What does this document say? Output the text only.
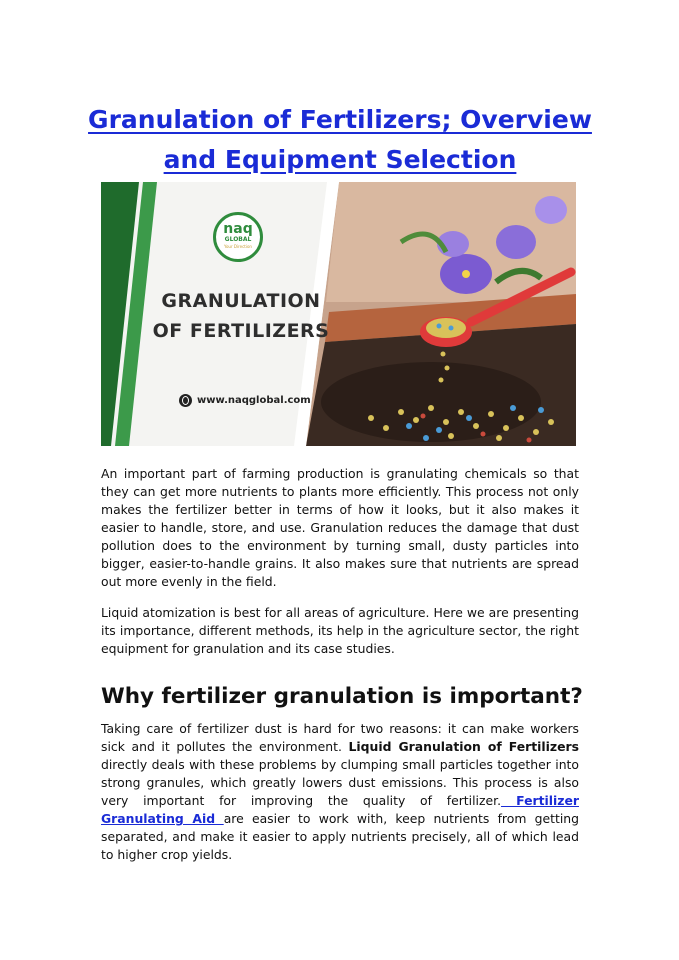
Granulation of Fertilizers; Overview
and Equipment Selection
naq
GLOBAL
Your Direction
GRANULATION
OF FERTILIZERS
www.naqglobal.com

An important part of farming production is granulating chemicals so that they can get more nutrients to plants more efficiently. This process not only makes the fertilizer better in terms of how it looks, but it also makes it easier to handle, store, and use. Granulation reduces the damage that dust pollution does to the environment by turning small, dusty particles into bigger, easier-to-handle grains. It also makes sure that nutrients are spread out more evenly in the field.

Liquid atomization is best for all areas of agriculture. Here we are presenting its importance, different methods, its help in the agriculture sector, the right equipment for granulation and its case studies.

Why fertilizer granulation is important?

Taking care of fertilizer dust is hard for two reasons: it can make workers sick and it pollutes the environment. Liquid Granulation of Fertilizers directly deals with these problems by clumping small particles together into strong granules, which greatly lowers dust emissions. This process is also very important for improving the quality of fertilizer. Fertilizer Granulating Aid are easier to work with, keep nutrients from getting separated, and make it easier to apply nutrients precisely, all of which lead to higher crop yields.
